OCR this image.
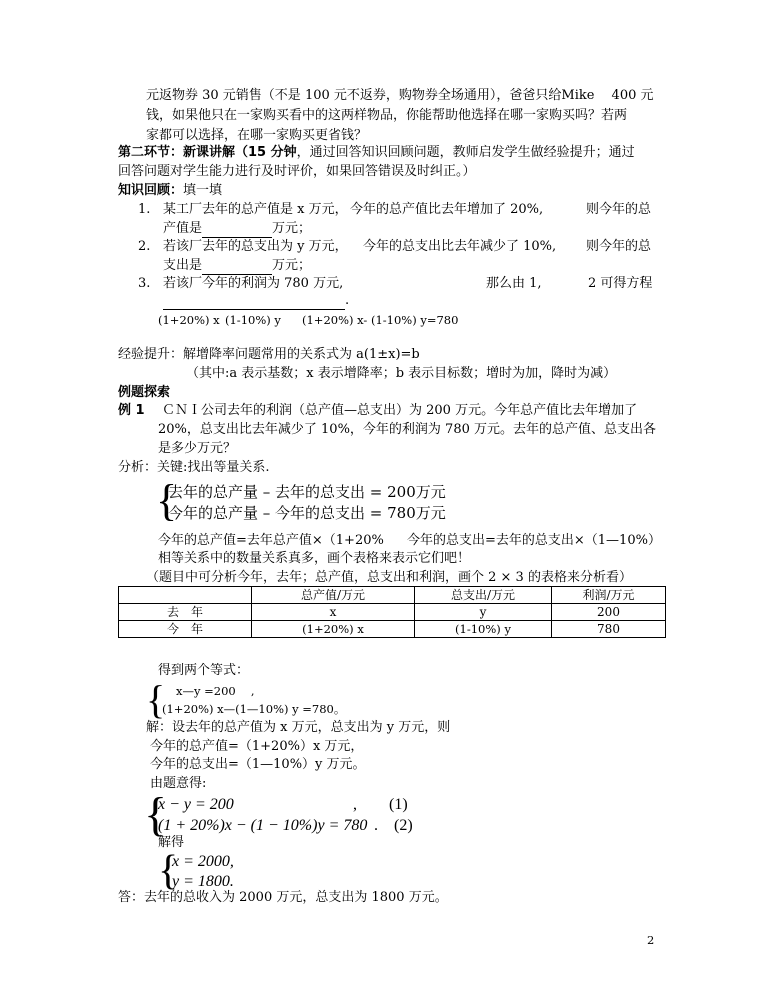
元返物券 30 元销售（不是 100 元不返券，购物券全场通用），爸爸只给Mike　 400 元
钱，如果他只在一家购买看中的这两样物品，你能帮助他选择在哪一家购买吗？若两
家都可以选择，在哪一家购买更省钱？
第二环节：新课讲解（15 分钟，通过回答知识回顾问题，教师启发学生做经验提升；通过
回答问题对学生能力进行及时评价，如果回答错误及时纠正。）
知识回顾：填一填
1. 某工厂去年的总产值是 x 万元， 今年的总产值比去年增加了 20%,	则今年的总
产值是	万元；
2. 若该厂去年的总支出为 y 万元， 今年的总支出比去年减少了 10%, 则今年的总
支出是	万元；
3. 若该厂今年的利润为 780 万元,	那么由 1,	2 可得方程
.
(1+20%) x (1-10%) y (1+20%) x- (1-10%) y=780
经验提升：解增降率问题常用的关系式为 a(1±x)=b
（其中:a 表示基数；x 表示增降率；b 表示目标数；增时为加，降时为减）
例题探索
例 1 ＣＮＩ公司去年的利润（总产值—总支出）为 200 万元。今年总产值比去年增加了
20%，总支出比去年减少了 10%，今年的利润为 780 万元。去年的总产值、总支出各
是多少万元？
分析：关键:找出等量关系.
{
去年的总产量 – 去年的总支出 = 200万元
今年的总产量 – 今年的总支出 = 780万元
今年的总产值=去年总产值×（1+20% 今年的总支出=去年的总支出×（1—10%）
相等关系中的数量关系真多，画个表格来表示它们吧！
（题目中可分析今年，去年；总产值，总支出和利润，画个 2 × 3 的表格来分析看）
	总产值/万元	总支出/万元	利润/万元
去　年	x	y	200
今　年	(1+20%) x	(1-10%) y	780
得到两个等式：
{ x—y =200　 ,
(1+20%) x—(1—10%) y =780。
解：设去年的总产值为 x 万元，总支出为 y 万元，则
今年的总产值=（1+20%）x 万元，
今年的总支出=（1—10%）y 万元。
由题意得:
{
x − y = 200	,　　(1)
(1 + 20%)x − (1 − 10%)y = 780 .　(2)
解得
{
x = 2000,
y = 1800.
答：去年的总收入为 2000 万元，总支出为 1800 万元。
2
